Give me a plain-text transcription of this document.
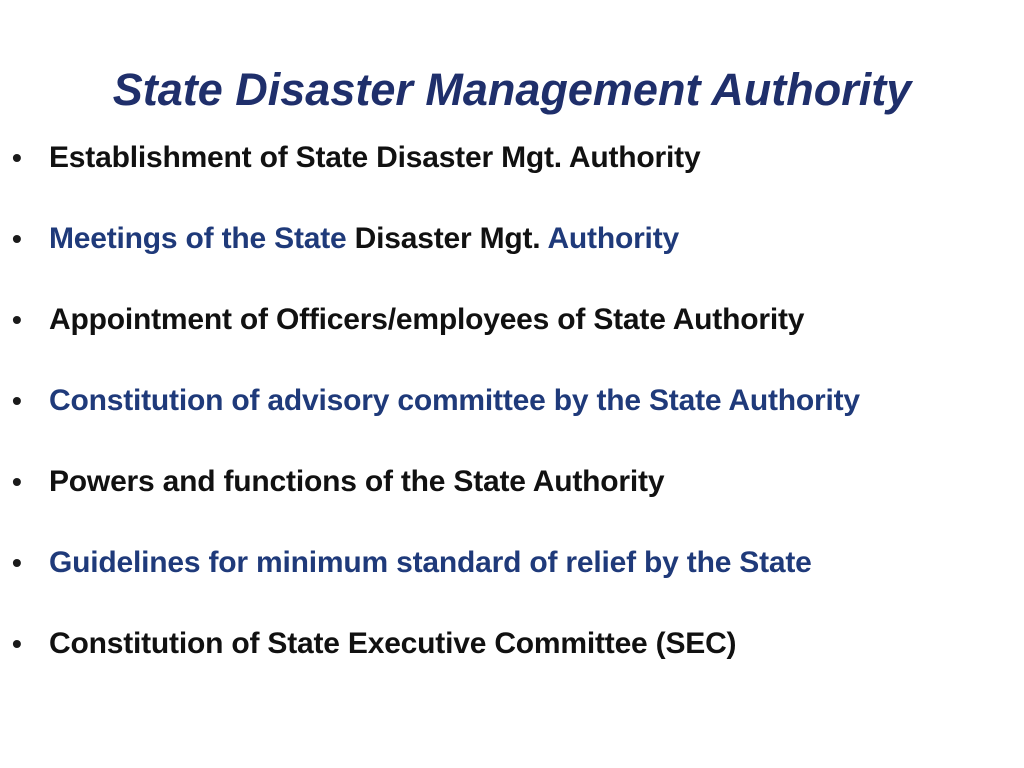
State Disaster Management Authority
• Establishment of State Disaster Mgt. Authority
• Meetings of the State Disaster Mgt. Authority
• Appointment of Officers/employees of State Authority
• Constitution of advisory committee by the State Authority
• Powers and functions of the State Authority
• Guidelines for minimum standard of relief by the State
• Constitution of State Executive Committee (SEC)
